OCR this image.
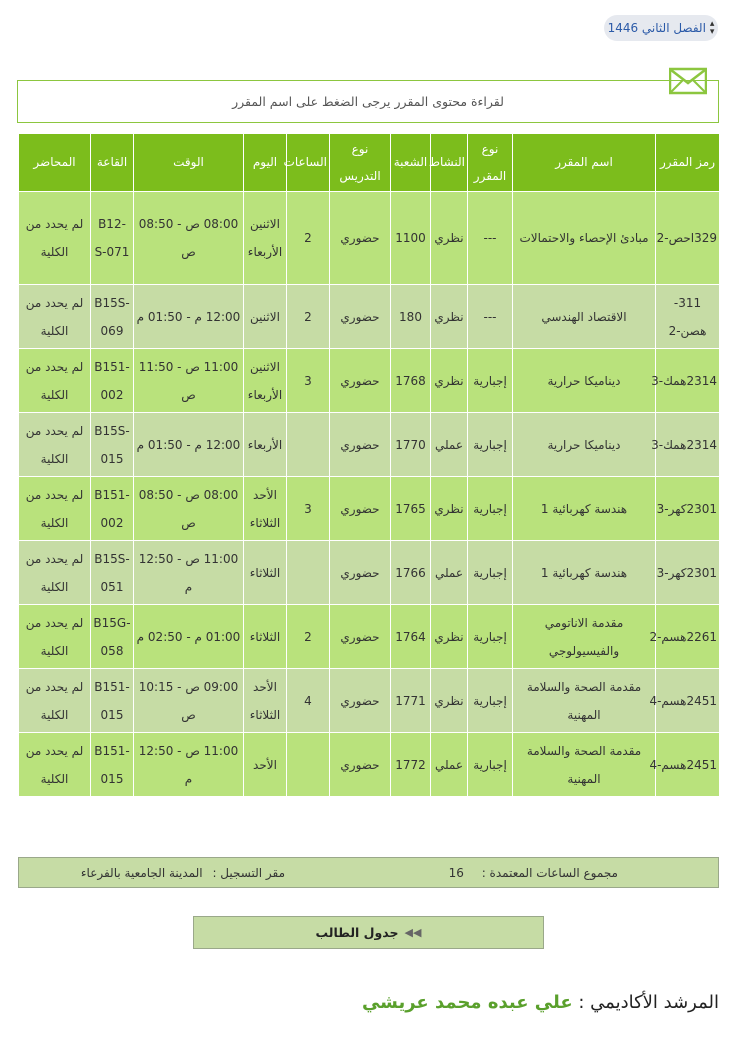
▴
▾
الفصل الثاني 1446
لقراءة محتوى المقرر يرجى الضغط على اسم المقرر
رمز المقرر	اسم المقرر	نوع المقرر	النشاط	الشعبة	نوع التدريس	الساعات	اليوم	الوقت	القاعة	المحاضر
329احص-2	مبادئ الإحصاء والاحتمالات	---	نظري	1100	حضوري	2	الاثنين الأربعاء	08:00 ص - 08:50 ص	B12-S-071	لم يحدد من الكلية
311-هصن-2	الاقتصاد الهندسي	---	نظري	180	حضوري	2	الاثنين	12:00 م - 01:50 م	B15S-069	لم يحدد من الكلية
2314همك-3	ديناميكا حرارية	إجبارية	نظري	1768	حضوري	3	الاثنين الأربعاء	11:00 ص - 11:50 ص	B151-002	لم يحدد من الكلية
2314همك-3	ديناميكا حرارية	إجبارية	عملي	1770	حضوري		الأربعاء	12:00 م - 01:50 م	B15S-015	لم يحدد من الكلية
2301كهر-3	هندسة كهربائية 1	إجبارية	نظري	1765	حضوري	3	الأحد الثلاثاء	08:00 ص - 08:50 ص	B151-002	لم يحدد من الكلية
2301كهر-3	هندسة كهربائية 1	إجبارية	عملي	1766	حضوري		الثلاثاء	11:00 ص - 12:50 م	B15S-051	لم يحدد من الكلية
2261هسم-2	مقدمة الاناتومي والفيسيولوجي	إجبارية	نظري	1764	حضوري	2	الثلاثاء	01:00 م - 02:50 م	B15G-058	لم يحدد من الكلية
2451هسم-4	مقدمة الصحة والسلامة المهنية	إجبارية	نظري	1771	حضوري	4	الأحد الثلاثاء	09:00 ص - 10:15 ص	B151-015	لم يحدد من الكلية
2451هسم-4	مقدمة الصحة والسلامة المهنية	إجبارية	عملي	1772	حضوري		الأحد	11:00 ص - 12:50 م	B151-015	لم يحدد من الكلية
مجموع الساعات المعتمدة : 16
مقر التسجيل : المدينة الجامعية بالفرعاء
◀◀
جدول الطالب
المرشد الأكاديمي : علي عبده محمد عريشي
